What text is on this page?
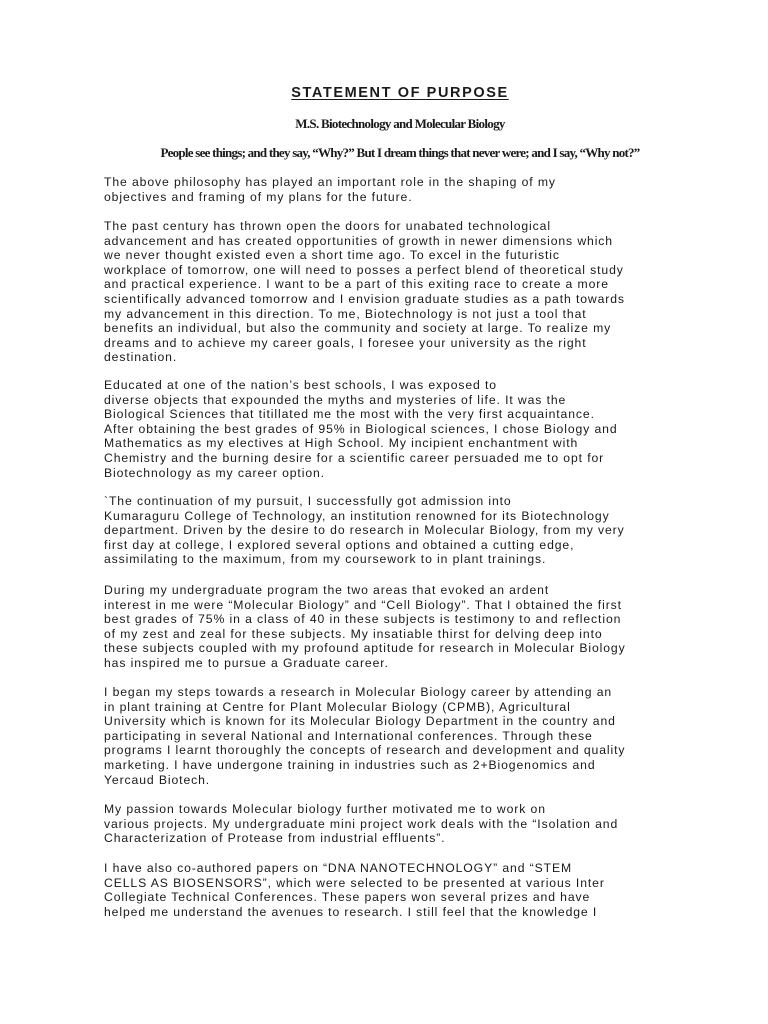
STATEMENT OF PURPOSE
M.S. Biotechnology and Molecular Biology
People see things; and they say, “Why?” But I dream things that never were; and I say, “Why not?”
The above philosophy has played an important role in the shaping of my
objectives and framing of my plans for the future.
The past century has thrown open the doors for unabated technological
advancement and has created opportunities of growth in newer dimensions which
we never thought existed even a short time ago. To excel in the futuristic
workplace of tomorrow, one will need to posses a perfect blend of theoretical study
and practical experience. I want to be a part of this exiting race to create a more
scientifically advanced tomorrow and I envision graduate studies as a path towards
my advancement in this direction. To me, Biotechnology is not just a tool that
benefits an individual, but also the community and society at large. To realize my
dreams and to achieve my career goals, I foresee your university as the right
destination.
Educated at one of the nation’s best schools, I was exposed to
diverse objects that expounded the myths and mysteries of life. It was the
Biological Sciences that titillated me the most with the very first acquaintance.
After obtaining the best grades of 95% in Biological sciences, I chose Biology and
Mathematics as my electives at High School. My incipient enchantment with
Chemistry and the burning desire for a scientific career persuaded me to opt for
Biotechnology as my career option.
`The continuation of my pursuit, I successfully got admission into
Kumaraguru College of Technology, an institution renowned for its Biotechnology
department. Driven by the desire to do research in Molecular Biology, from my very
first day at college, I explored several options and obtained a cutting edge,
assimilating to the maximum, from my coursework to in plant trainings.
During my undergraduate program the two areas that evoked an ardent
interest in me were “Molecular Biology” and “Cell Biology”. That I obtained the first
best grades of 75% in a class of 40 in these subjects is testimony to and reflection
of my zest and zeal for these subjects. My insatiable thirst for delving deep into
these subjects coupled with my profound aptitude for research in Molecular Biology
has inspired me to pursue a Graduate career.
I began my steps towards a research in Molecular Biology career by attending an
in plant training at Centre for Plant Molecular Biology (CPMB), Agricultural
University which is known for its Molecular Biology Department in the country and
participating in several National and International conferences. Through these
programs I learnt thoroughly the concepts of research and development and quality
marketing. I have undergone training in industries such as 2+Biogenomics and
Yercaud Biotech.
My passion towards Molecular biology further motivated me to work on
various projects. My undergraduate mini project work deals with the “Isolation and
Characterization of Protease from industrial effluents”.
I have also co-authored papers on “DNA NANOTECHNOLOGY” and “STEM
CELLS AS BIOSENSORS”, which were selected to be presented at various Inter
Collegiate Technical Conferences. These papers won several prizes and have
helped me understand the avenues to research. I still feel that the knowledge I
